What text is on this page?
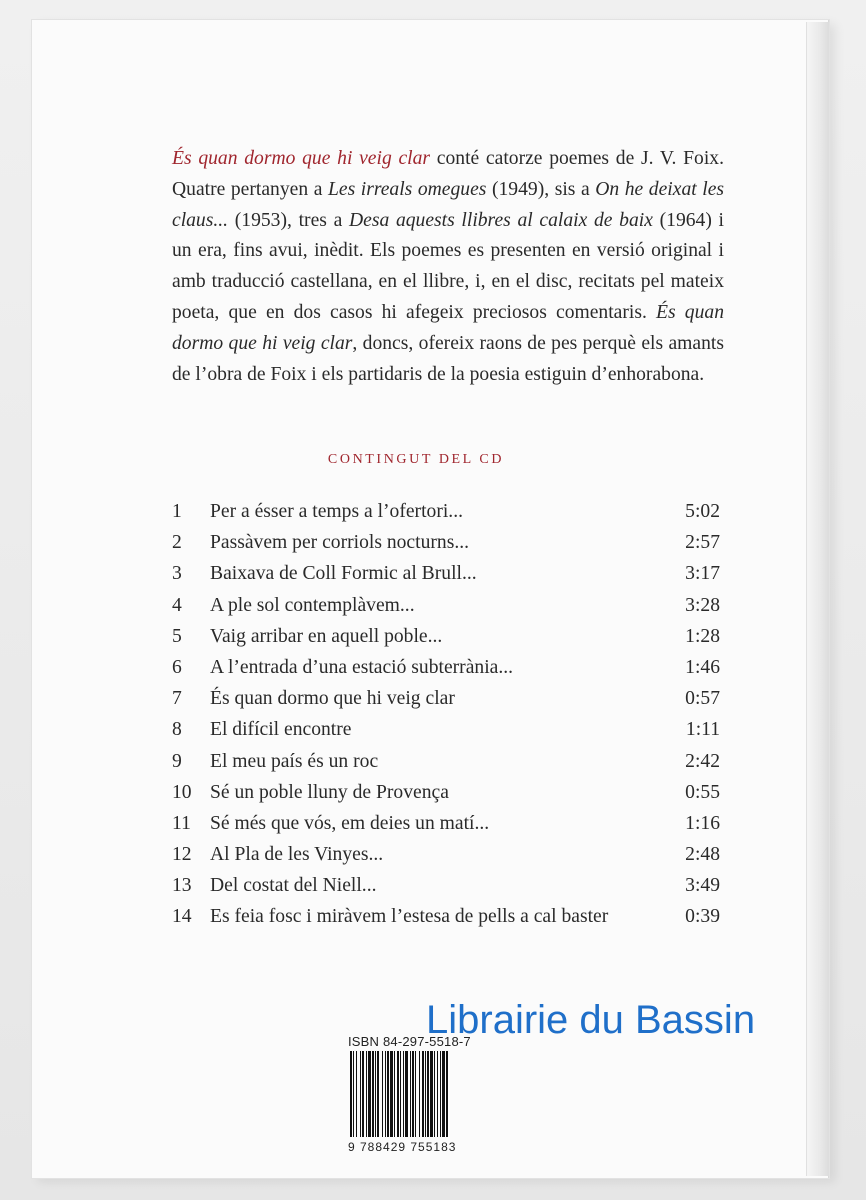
És quan dormo que hi veig clar conté catorze poemes de J. V. Foix. Quatre pertanyen a Les irreals omegues (1949), sis a On he deixat les claus... (1953), tres a Desa aquests llibres al calaix de baix (1964) i un era, fins avui, inèdit. Els poemes es presenten en versió original i amb traducció castellana, en el llibre, i, en el disc, recitats pel mateix poeta, que en dos casos hi afegeix preciosos comentaris. És quan dormo que hi veig clar, doncs, ofereix raons de pes perquè els amants de l’obra de Foix i els partidaris de la poesia estiguin d’enhorabona.
CONTINGUT DEL CD
1	Per a ésser a temps a l’ofertori...	5:02
2	Passàvem per corriols nocturns...	2:57
3	Baixava de Coll Formic al Brull...	3:17
4	A ple sol contemplàvem...	3:28
5	Vaig arribar en aquell poble...	1:28
6	A l’entrada d’una estació subterrània...	1:46
7	És quan dormo que hi veig clar	0:57
8	El difícil encontre	1:11
9	El meu país és un roc	2:42
10 Sé un poble lluny de Provença	0:55
11 Sé més que vós, em deies un matí...	1:16
12 Al Pla de les Vinyes...	2:48
13 Del costat del Niell...	3:49
14 Es feia fosc i miràvem l’estesa de pells a cal baster	0:39
ISBN 84-297-5518-7
9 788429 755183
Librairie du Bassin
